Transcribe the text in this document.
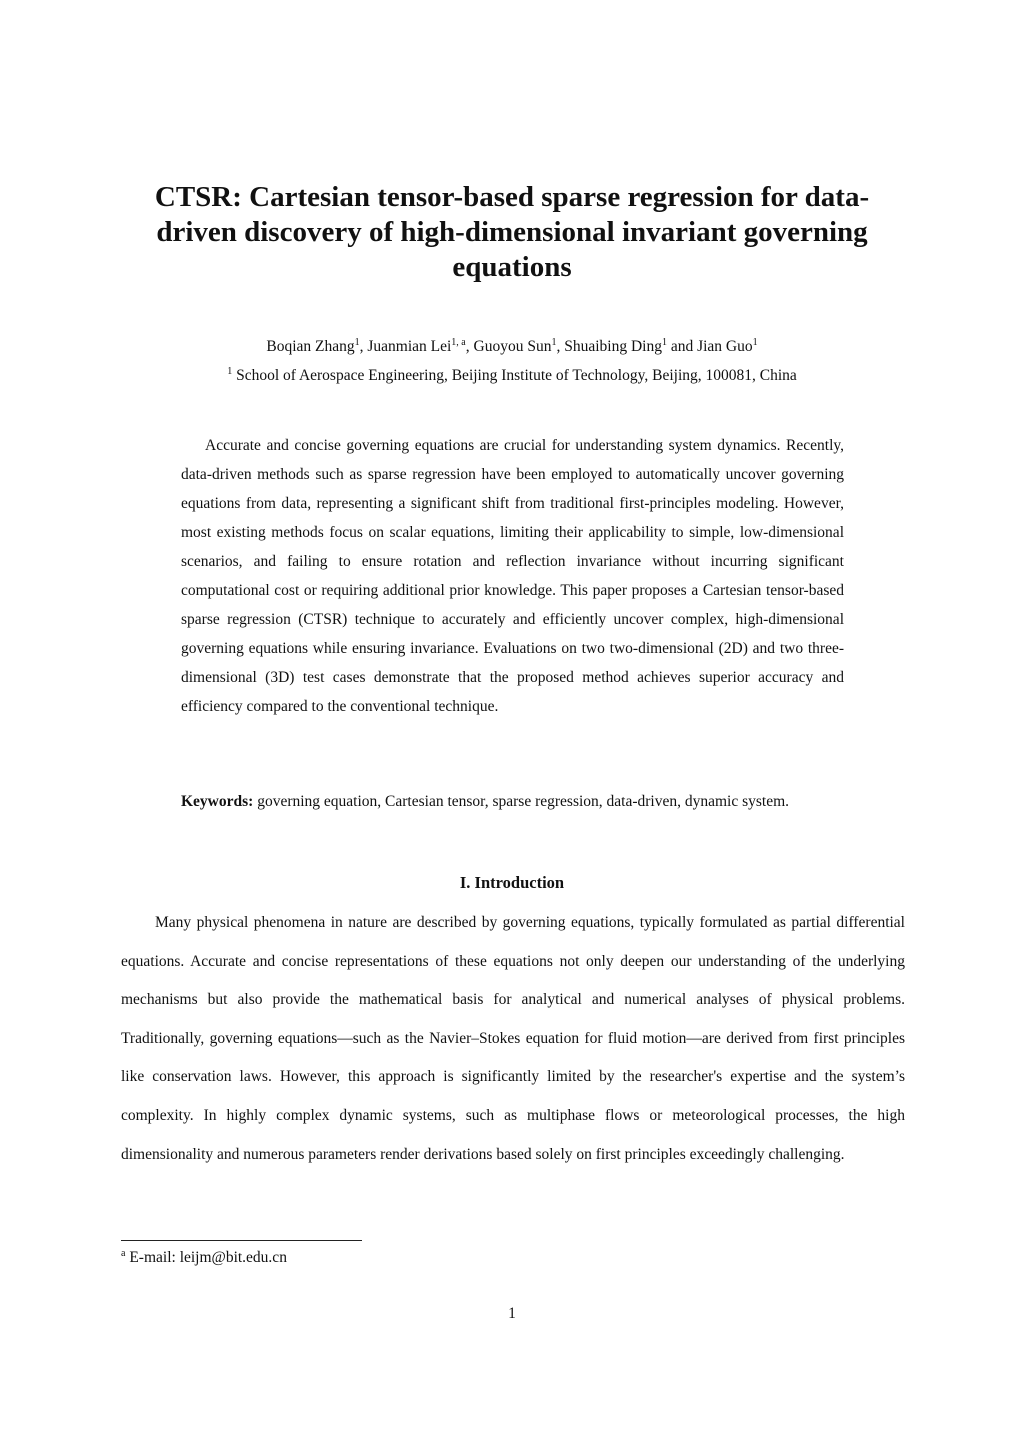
CTSR: Cartesian tensor-based sparse regression for data-
driven discovery of high-dimensional invariant governing
equations
Boqian Zhang$^1$, Juanmian Lei$^{1, a}$, Guoyou Sun$^1$, Shuaibing Ding$^1$ and Jian Guo$^1$
$^1$ School of Aerospace Engineering, Beijing Institute of Technology, Beijing, 100081, China

Accurate and concise governing equations are crucial for understanding system dynamics. Recently, data-driven methods such as sparse regression have been employed to automatically uncover governing equations from data, representing a significant shift from traditional first-principles modeling. However, most existing methods focus on scalar equations, limiting their applicability to simple, low-dimensional scenarios, and failing to ensure rotation and reflection invariance without incurring significant computational cost or requiring additional prior knowledge. This paper proposes a Cartesian tensor-based sparse regression (CTSR) technique to accurately and efficiently uncover complex, high-dimensional governing equations while ensuring invariance. Evaluations on two two-dimensional (2D) and two three-dimensional (3D) test cases demonstrate that the proposed method achieves superior accuracy and efficiency compared to the conventional technique.

Keywords: governing equation, Cartesian tensor, sparse regression, data-driven, dynamic system.
I. Introduction

Many physical phenomena in nature are described by governing equations, typically formulated as partial differential equations. Accurate and concise representations of these equations not only deepen our understanding of the underlying mechanisms but also provide the mathematical basis for analytical and numerical analyses of physical problems. Traditionally, governing equations—such as the Navier–Stokes equation for fluid motion—are derived from first principles like conservation laws. However, this approach is significantly limited by the researcher's expertise and the system’s complexity. In highly complex dynamic systems, such as multiphase flows or meteorological processes, the high dimensionality and numerous parameters render derivations based solely on first principles exceedingly challenging.

$^a$ E-mail: leijm@bit.edu.cn
1
